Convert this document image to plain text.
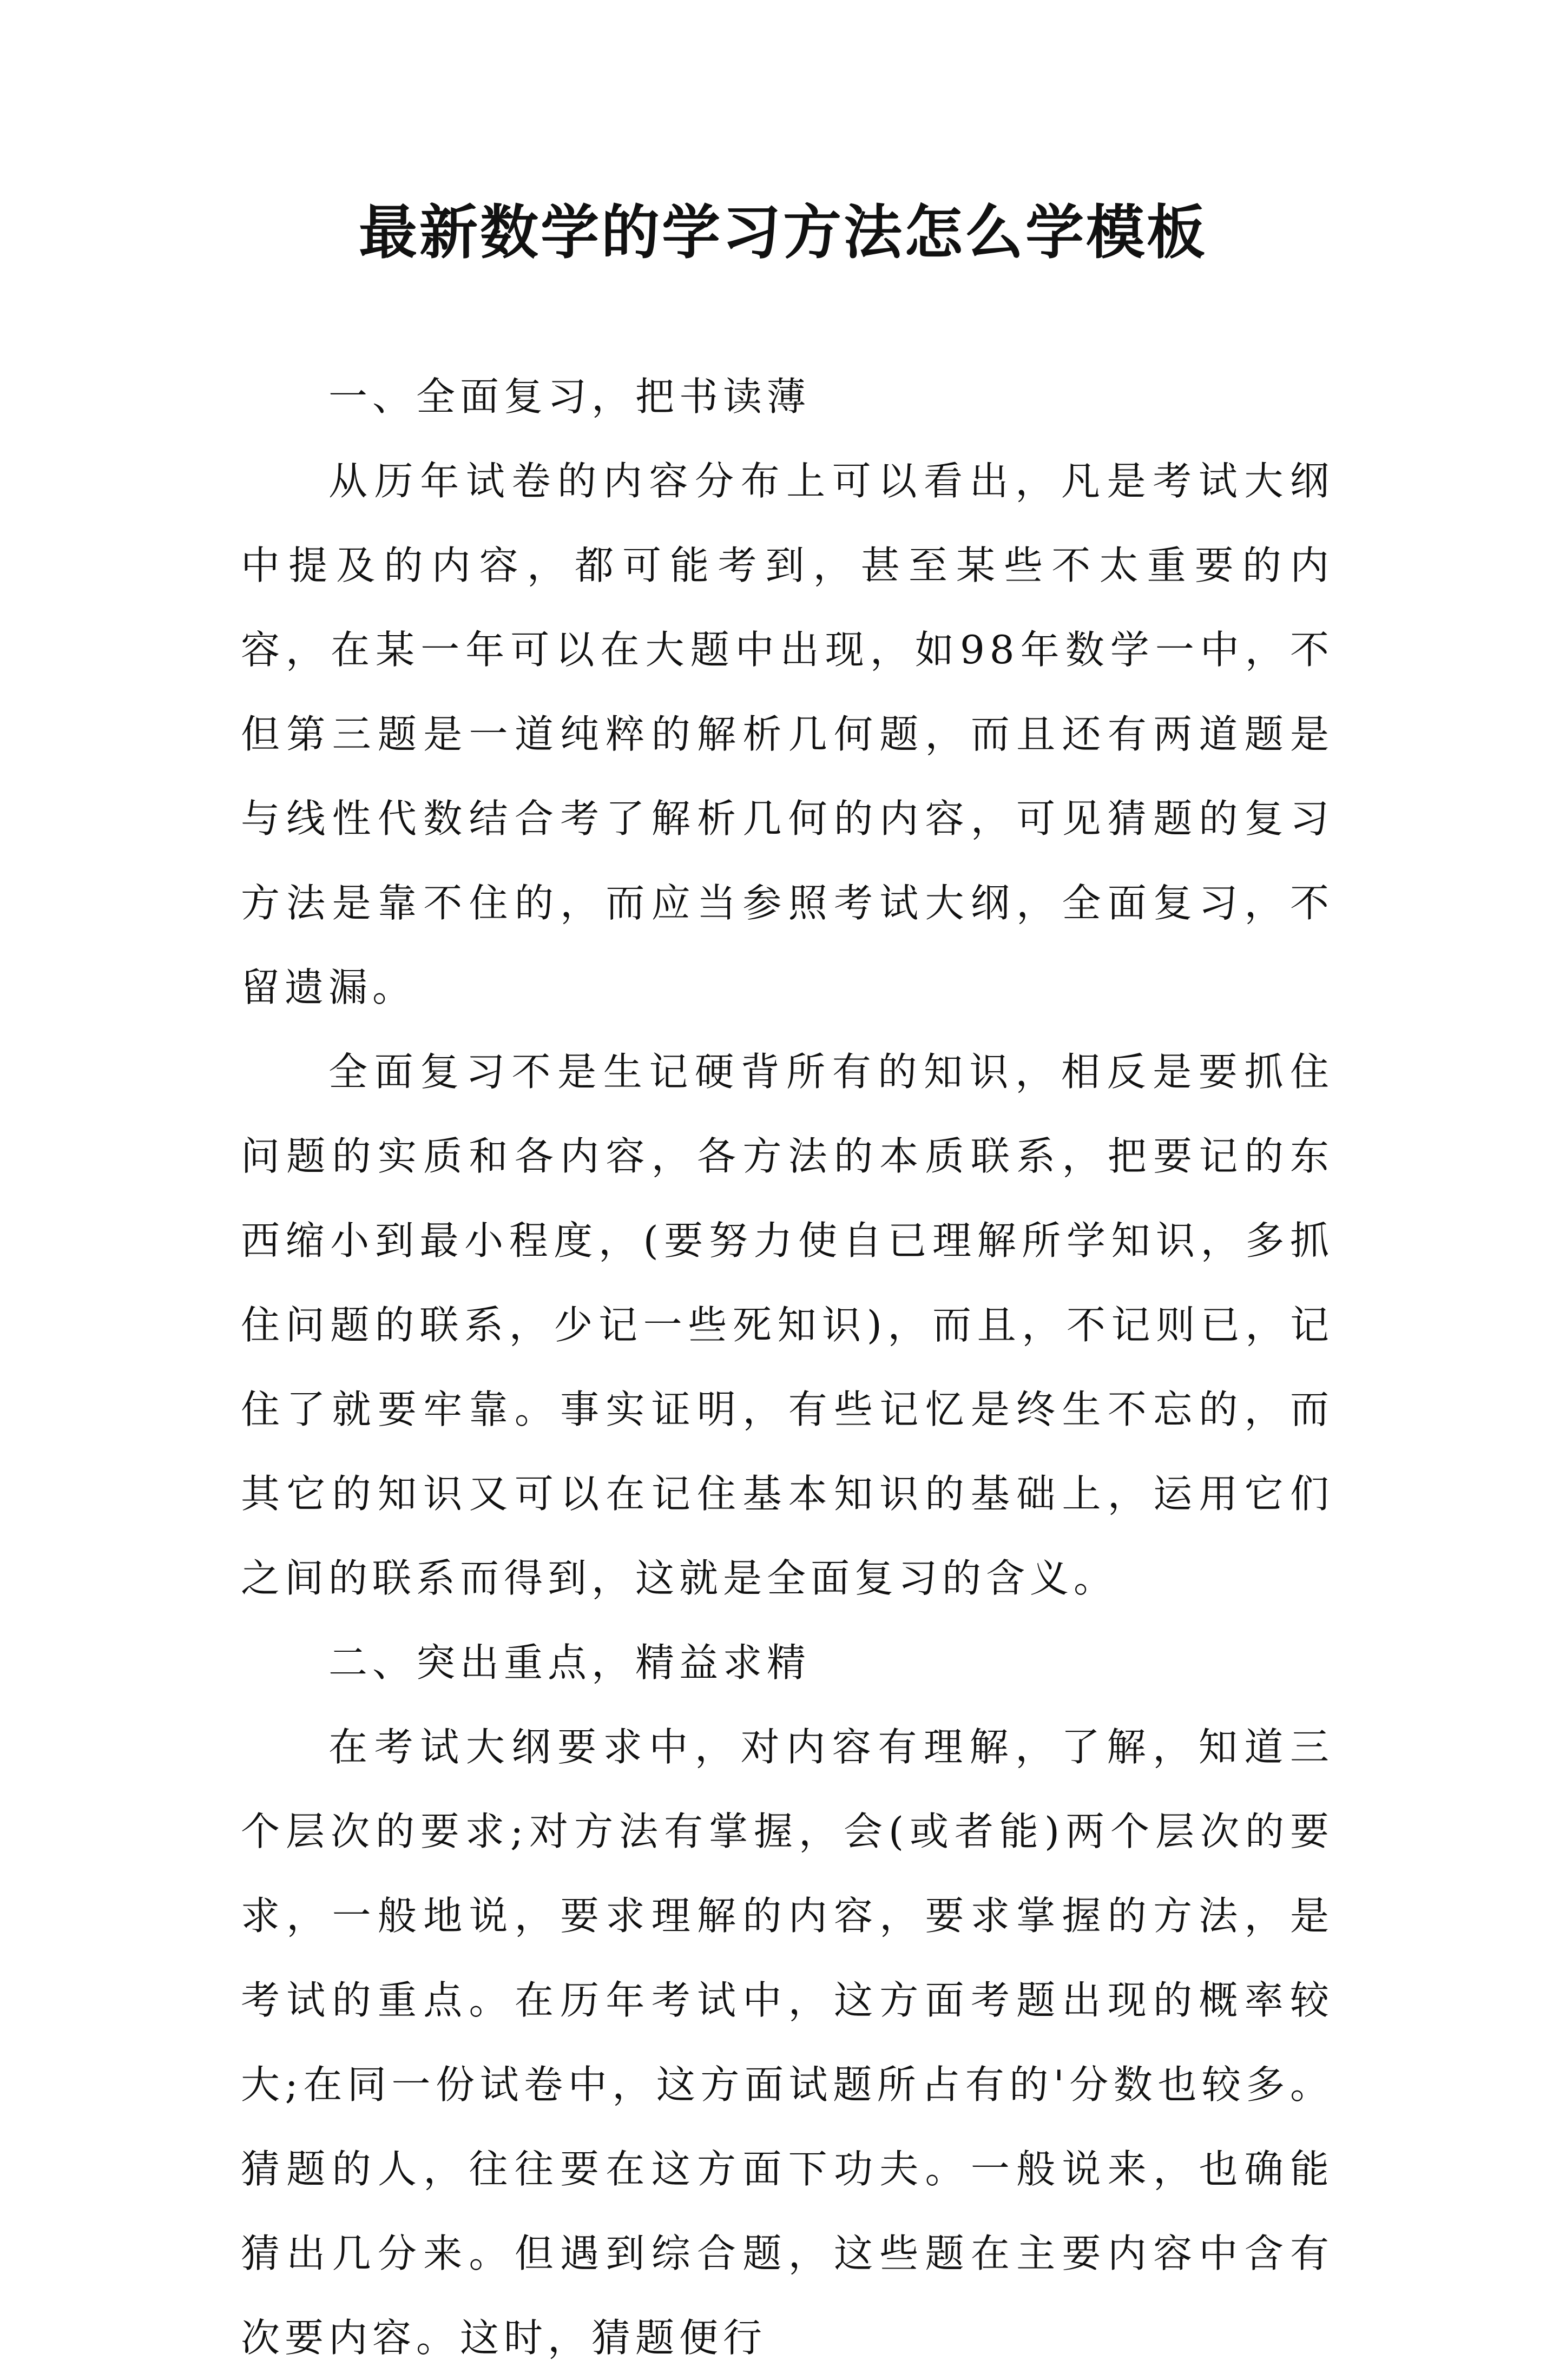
最新数学的学习方法怎么学模板

一、全面复习，把书读薄

从历年试卷的内容分布上可以看出，凡是考试大纲中提及的内容，都可能考到，甚至某些不太重要的内容，在某一年可以在大题中出现，如98年数学一中，不但第三题是一道纯粹的解析几何题，而且还有两道题是与线性代数结合考了解析几何的内容，可见猜题的复习方法是靠不住的，而应当参照考试大纲，全面复习，不留遗漏。

全面复习不是生记硬背所有的知识，相反是要抓住问题的实质和各内容，各方法的本质联系，把要记的东西缩小到最小程度，(要努力使自已理解所学知识，多抓住问题的联系，少记一些死知识)，而且，不记则已，记住了就要牢靠。事实证明，有些记忆是终生不忘的，而其它的知识又可以在记住基本知识的基础上，运用它们之间的联系而得到，这就是全面复习的含义。

二、突出重点，精益求精

在考试大纲要求中，对内容有理解，了解，知道三个层次的要求;对方法有掌握，会(或者能)两个层次的要求，一般地说，要求理解的内容，要求掌握的方法，是考试的重点。在历年考试中，这方面考题出现的概率较大;在同一份试卷中，这方面试题所占有的'分数也较多。猜题的人，往往要在这方面下功夫。一般说来，也确能猜出几分来。但遇到综合题，这些题在主要内容中含有次要内容。这时，猜题便行
